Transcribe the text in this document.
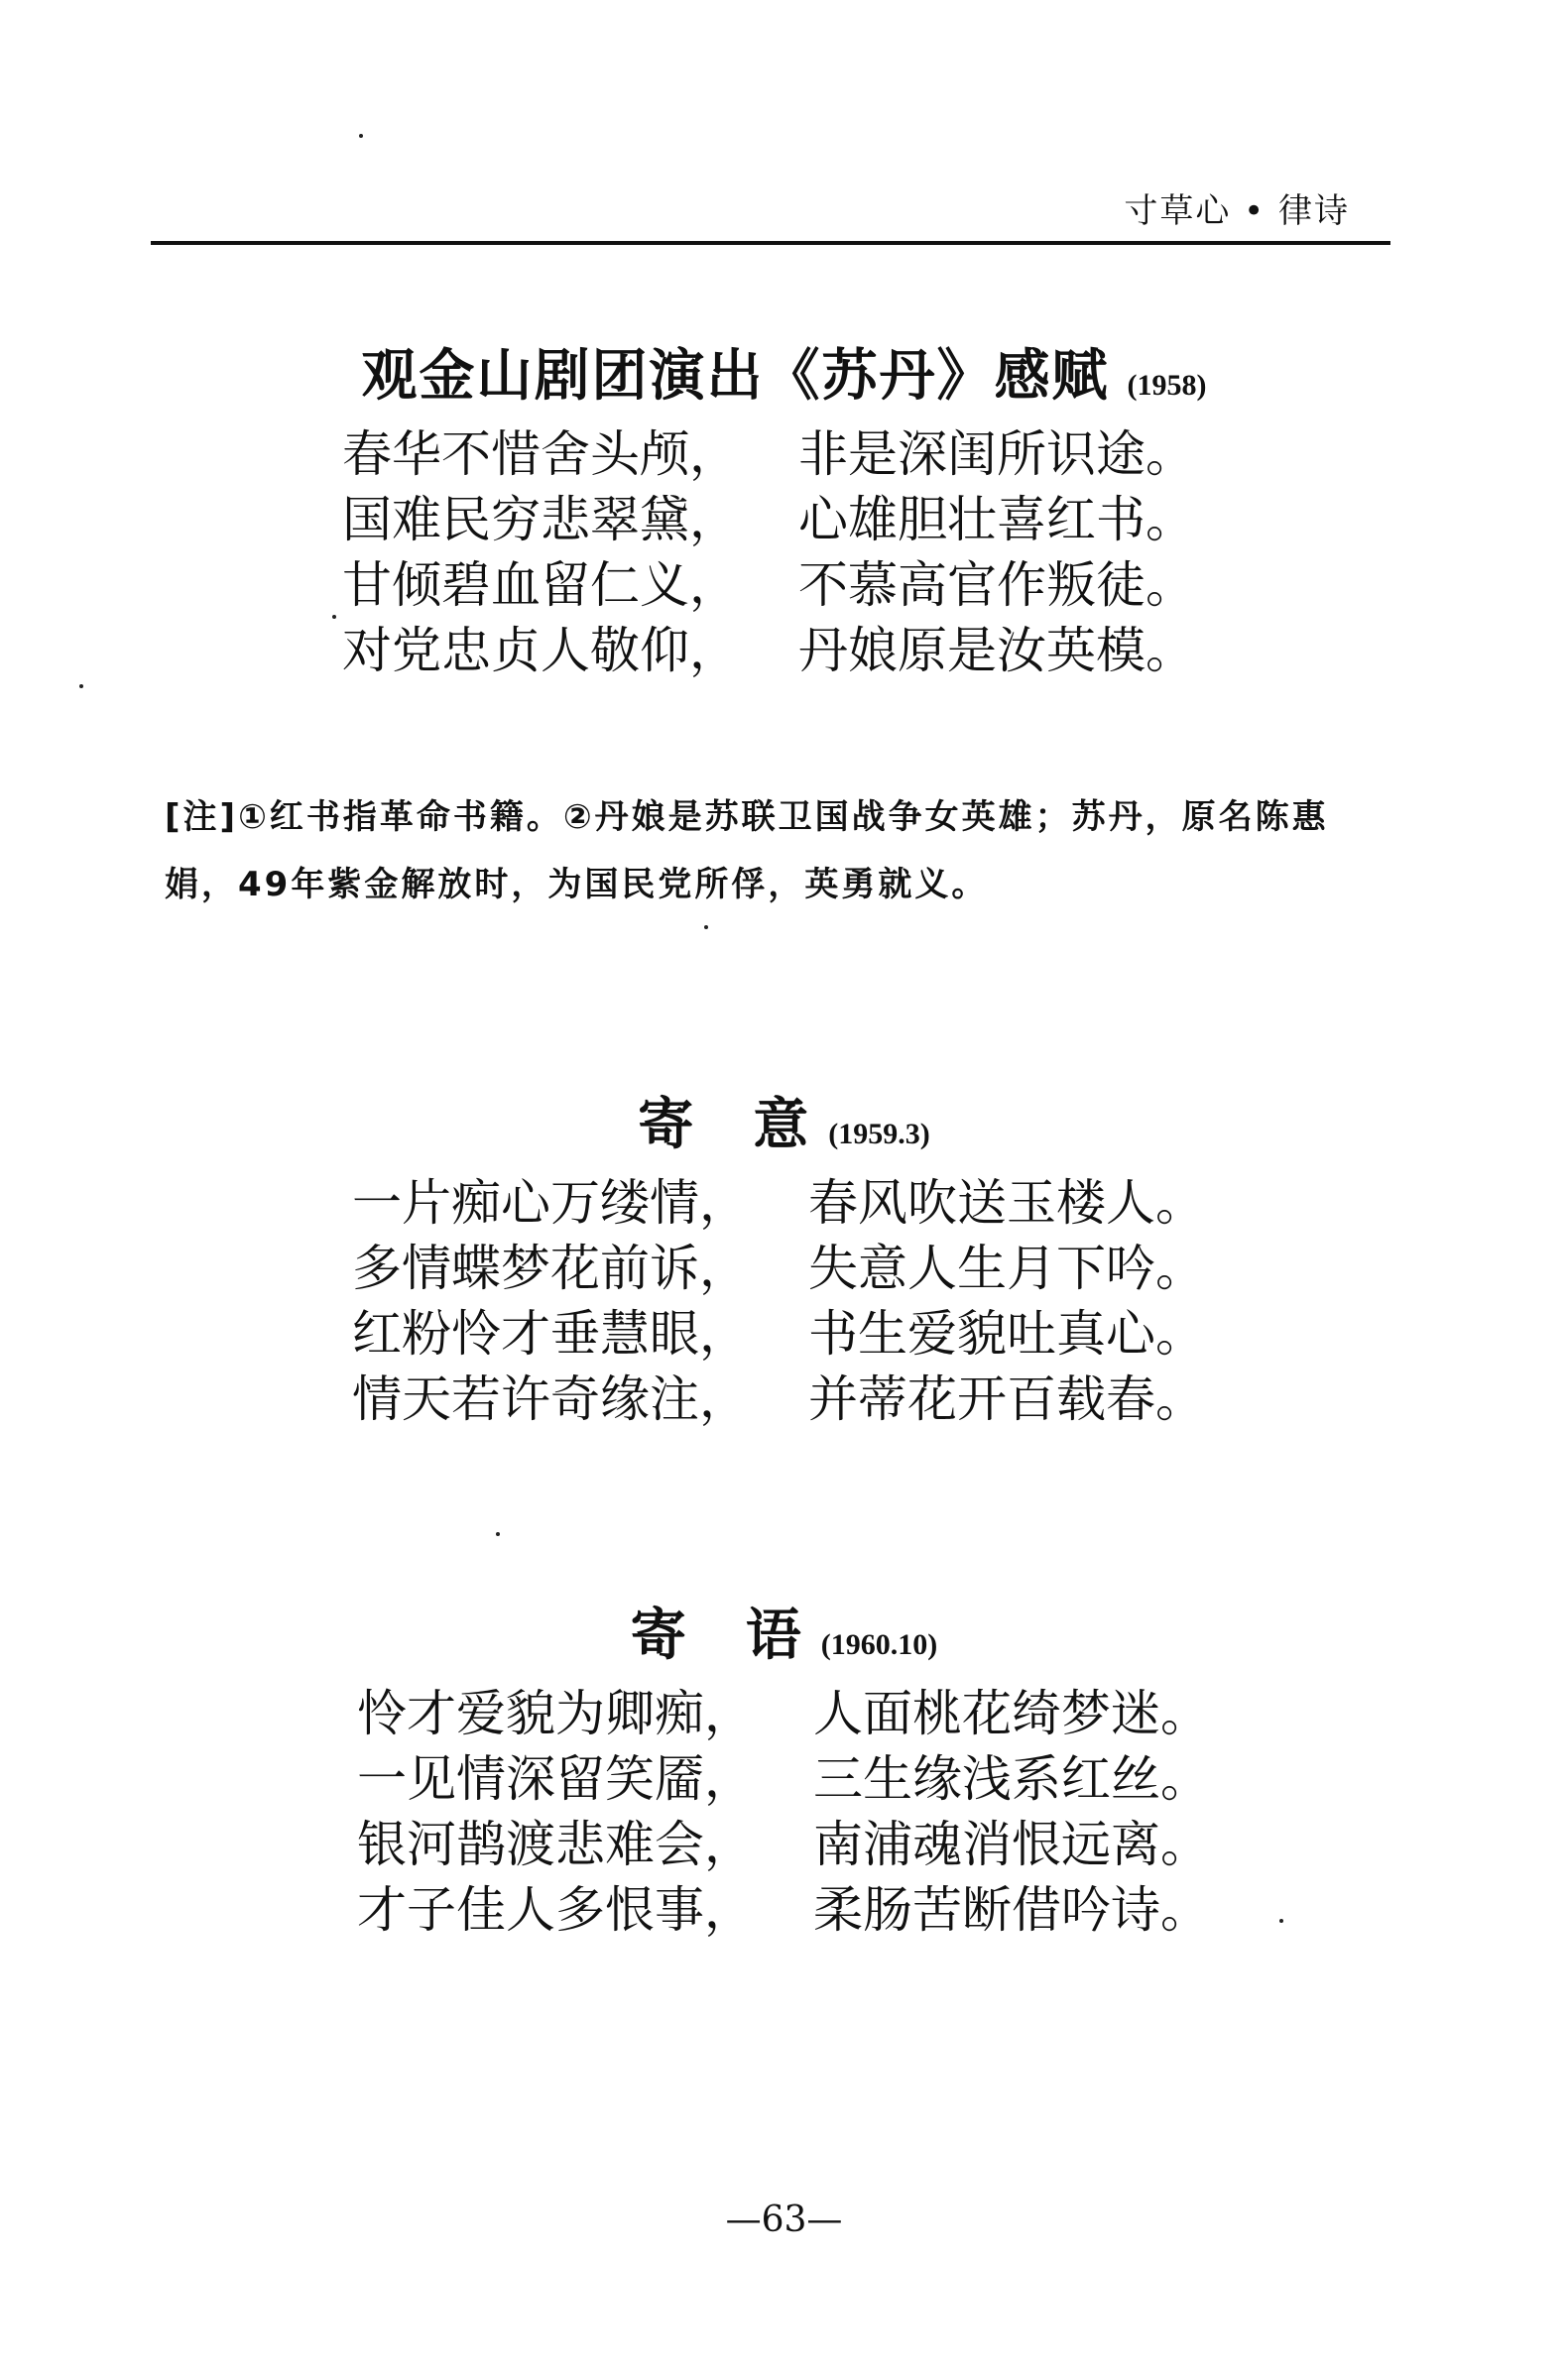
寸草心 • 律诗
观金山剧团演出《苏丹》感赋 (1958)
春华不惜舍头颅，	非是深闺所识途。
国难民穷悲翠黛，	心雄胆壮喜红书。
甘倾碧血留仁义，	不慕高官作叛徒。
对党忠贞人敬仰，	丹娘原是汝英模。
[注]①红书指革命书籍。②丹娘是苏联卫国战争女英雄；苏丹，原名陈惠娟，49年紫金解放时，为国民党所俘，英勇就义。
寄　意 (1959.3)
一片痴心万缕情，	春风吹送玉楼人。
多情蝶梦花前诉，	失意人生月下吟。
红粉怜才垂慧眼，	书生爱貌吐真心。
情天若许奇缘注，	并蒂花开百载春。
寄　语 (1960.10)
怜才爱貌为卿痴，	人面桃花绮梦迷。
一见情深留笑靥，	三生缘浅系红丝。
银河鹊渡悲难会，	南浦魂消恨远离。
才子佳人多恨事，	柔肠苦断借吟诗。
—63—
